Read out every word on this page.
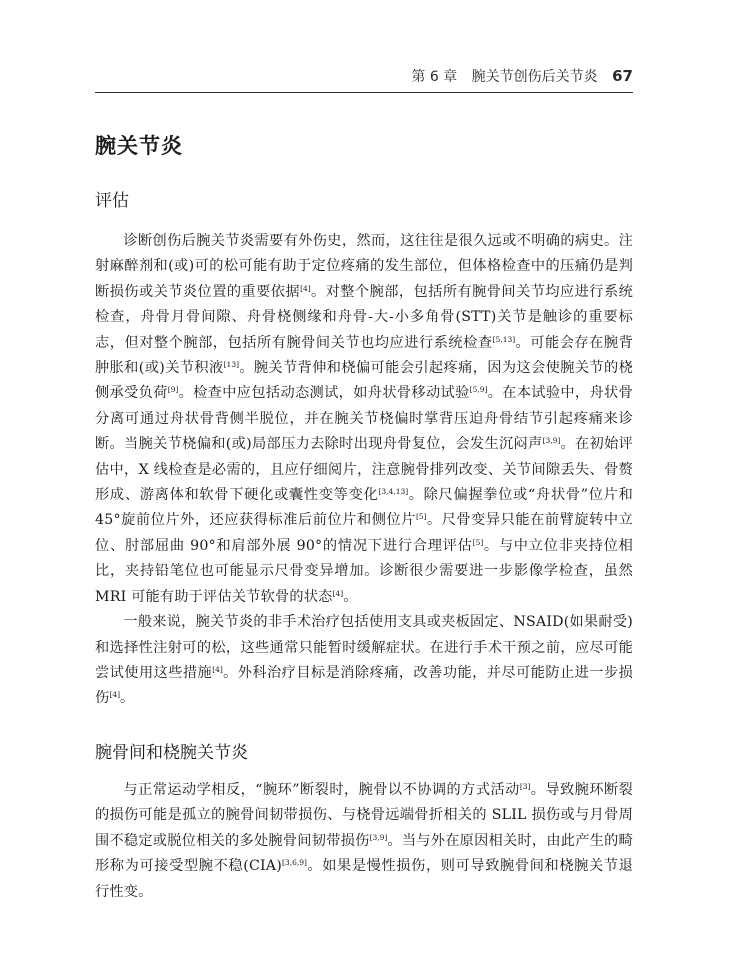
第 6 章 腕关节创伤后关节炎 67
腕关节炎
评估

诊断创伤后腕关节炎需要有外伤史，然而，这往往是很久远或不明确的病史。注射麻醉剂和(或)可的松可能有助于定位疼痛的发生部位，但体格检查中的压痛仍是判断损伤或关节炎位置的重要依据[4]。对整个腕部，包括所有腕骨间关节均应进行系统检查，舟骨月骨间隙、舟骨桡侧缘和舟骨-大-小多角骨(STT)关节是触诊的重要标志，但对整个腕部，包括所有腕骨间关节也均应进行系统检查[5,13]。可能会存在腕背肿胀和(或)关节积液[13]。腕关节背伸和桡偏可能会引起疼痛，因为这会使腕关节的桡侧承受负荷[9]。检查中应包括动态测试，如舟状骨移动试验[5,9]。在本试验中，舟状骨分离可通过舟状骨背侧半脱位，并在腕关节桡偏时掌背压迫舟骨结节引起疼痛来诊断。当腕关节桡偏和(或)局部压力去除时出现舟骨复位，会发生沉闷声[3,9]。在初始评估中，X 线检查是必需的，且应仔细阅片，注意腕骨排列改变、关节间隙丢失、骨赘形成、游离体和软骨下硬化或囊性变等变化[3,4,13]。除尺偏握拳位或“舟状骨”位片和 45°旋前位片外，还应获得标准后前位片和侧位片[5]。尺骨变异只能在前臂旋转中立位、肘部屈曲 90°和肩部外展 90°的情况下进行合理评估[5]。与中立位非夹持位相比，夹持铅笔位也可能显示尺骨变异增加。诊断很少需要进一步影像学检查，虽然 MRI 可能有助于评估关节软骨的状态[4]。

一般来说，腕关节炎的非手术治疗包括使用支具或夹板固定、NSAID(如果耐受)和选择性注射可的松，这些通常只能暂时缓解症状。在进行手术干预之前，应尽可能尝试使用这些措施[4]。外科治疗目标是消除疼痛，改善功能，并尽可能防止进一步损伤[4]。

腕骨间和桡腕关节炎

与正常运动学相反，“腕环”断裂时，腕骨以不协调的方式活动[3]。导致腕环断裂的损伤可能是孤立的腕骨间韧带损伤、与桡骨远端骨折相关的 SLIL 损伤或与月骨周围不稳定或脱位相关的多处腕骨间韧带损伤[3,9]。当与外在原因相关时，由此产生的畸形称为可接受型腕不稳(CIA)[3,6,9]。如果是慢性损伤，则可导致腕骨间和桡腕关节退行性变。
